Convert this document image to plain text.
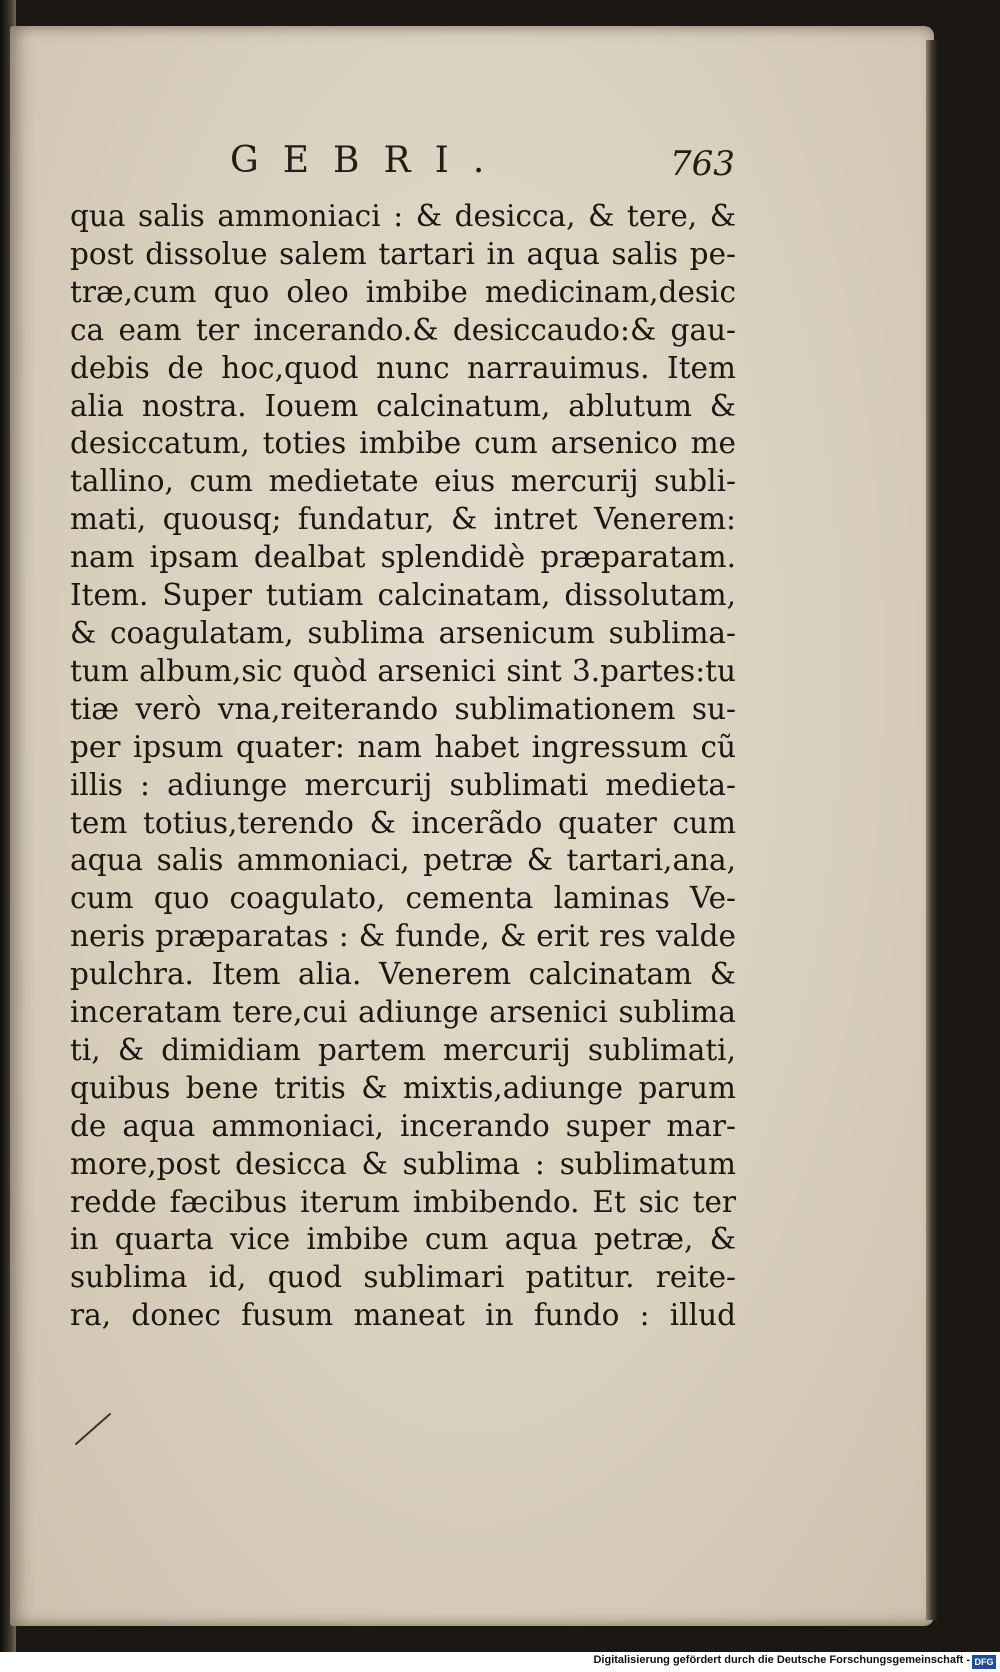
GEBRI.	763
qua salis ammoniaci : & desicca, & tere, &
post dissolue salem tartari in aqua salis pe-
træ,cum quo oleo imbibe medicinam,desic
ca eam ter incerando.& desiccaudo:& gau-
debis de hoc,quod nunc narrauimus. Item
alia nostra. Iouem calcinatum, ablutum &
desiccatum, toties imbibe cum arsenico me
tallino, cum medietate eius mercurij subli-
mati, quousq; fundatur, & intret Venerem:
nam ipsam dealbat splendidè præparatam.
Item. Super tutiam calcinatam, dissolutam,
& coagulatam, sublima arsenicum sublima-
tum album,sic quòd arsenici sint 3.partes:tu
tiæ verò vna,reiterando sublimationem su-
per ipsum quater: nam habet ingressum cũ
illis : adiunge mercurij sublimati medieta-
tem totius,terendo & incerãdo quater cum
aqua salis ammoniaci, petræ & tartari,ana,
cum quo coagulato, cementa laminas Ve-
neris præparatas : & funde, & erit res valde
pulchra. Item alia. Venerem calcinatam &
inceratam tere,cui adiunge arsenici sublima
ti, & dimidiam partem mercurij sublimati,
quibus bene tritis & mixtis,adiunge parum
de aqua ammoniaci, incerando super mar-
more,post desicca & sublima : sublimatum
redde fæcibus iterum imbibendo. Et sic ter
in quarta vice imbibe cum aqua petræ, &
sublima id, quod sublimari patitur. reite-
ra, donec fusum maneat in fundo : illud
Digitalisierung gefördert durch die Deutsche Forschungsgemeinschaft - DFG
